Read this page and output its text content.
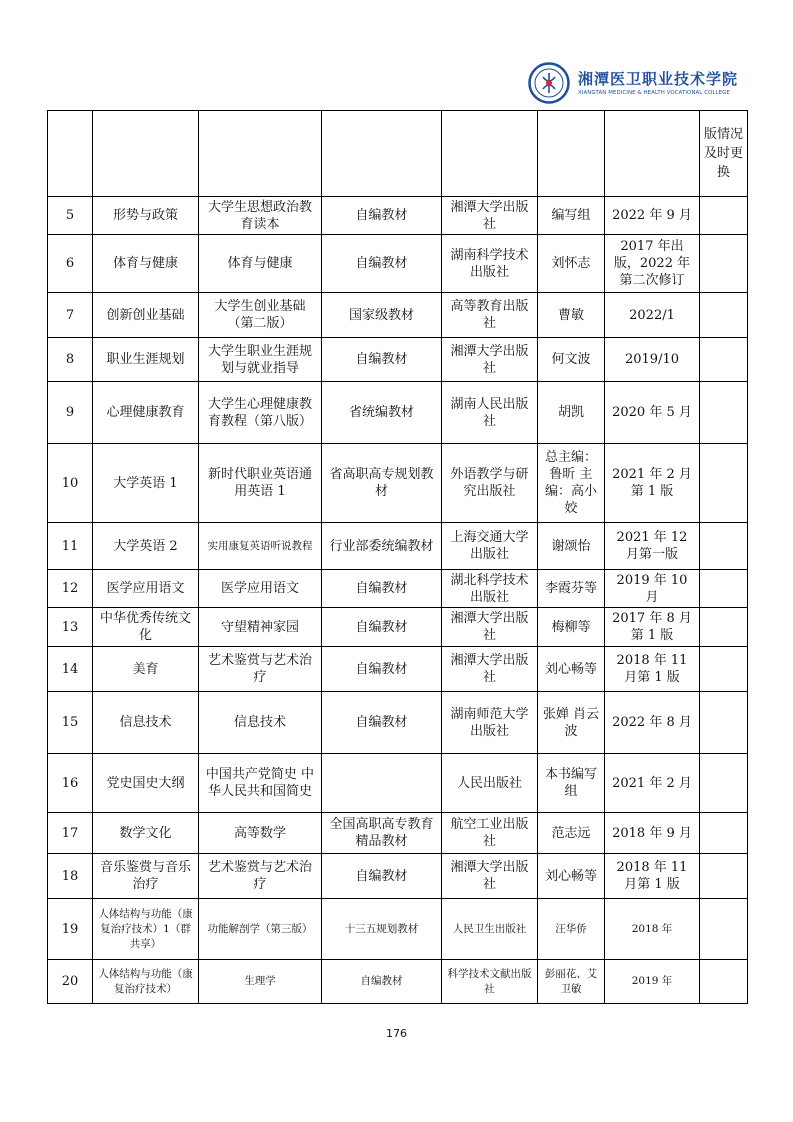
湘潭医卫职业技术学院
XIANGTAN MEDICINE & HEALTH VOCATIONAL COLLEGE
							版情况及时更换
5	形势与政策	大学生思想政治教育读本	自编教材	湘潭大学出版社	编写组	2022 年 9 月	
6	体育与健康	体育与健康	自编教材	湖南科学技术出版社	刘怀志	2017 年出版，2022 年第二次修订	
7	创新创业基础	大学生创业基础（第二版）	国家级教材	高等教育出版社	曹敏	2022/1	
8	职业生涯规划	大学生职业生涯规划与就业指导	自编教材	湘潭大学出版社	何文波	2019/10	
9	心理健康教育	大学生心理健康教育教程（第八版）	省统编教材	湖南人民出版社	胡凯	2020 年 5 月	
10	大学英语 1	新时代职业英语通用英语 1	省高职高专规划教材	外语教学与研究出版社	总主编：鲁昕 主编：高小姣	2021 年 2 月第 1 版	
11	大学英语 2	实用康复英语听说教程	行业部委统编教材	上海交通大学出版社	谢颂怡	2021 年 12 月第一版	
12	医学应用语文	医学应用语文	自编教材	湖北科学技术出版社	李霞芬等	2019 年 10 月	
13	中华优秀传统文化	守望精神家园	自编教材	湘潭大学出版社	梅柳等	2017 年 8 月第 1 版	
14	美育	艺术鉴赏与艺术治疗	自编教材	湘潭大学出版社	刘心畅等	2018 年 11 月第 1 版	
15	信息技术	信息技术	自编教材	湖南师范大学出版社	张婵 肖云波	2022 年 8 月	
16	党史国史大纲	中国共产党简史 中华人民共和国简史		人民出版社	本书编写组	2021 年 2 月	
17	数学文化	高等数学	全国高职高专教育精品教材	航空工业出版社	范志远	2018 年 9 月	
18	音乐鉴赏与音乐治疗	艺术鉴赏与艺术治疗	自编教材	湘潭大学出版社	刘心畅等	2018 年 11 月第 1 版	
19	人体结构与功能（康复治疗技术）1（群共享）	功能解剖学（第三版）	十三五规划教材	人民卫生出版社	汪华侨	2018 年	
20	人体结构与功能（康复治疗技术）	生理学	自编教材	科学技术文献出版社	彭丽花、艾卫敏	2019 年	
176
